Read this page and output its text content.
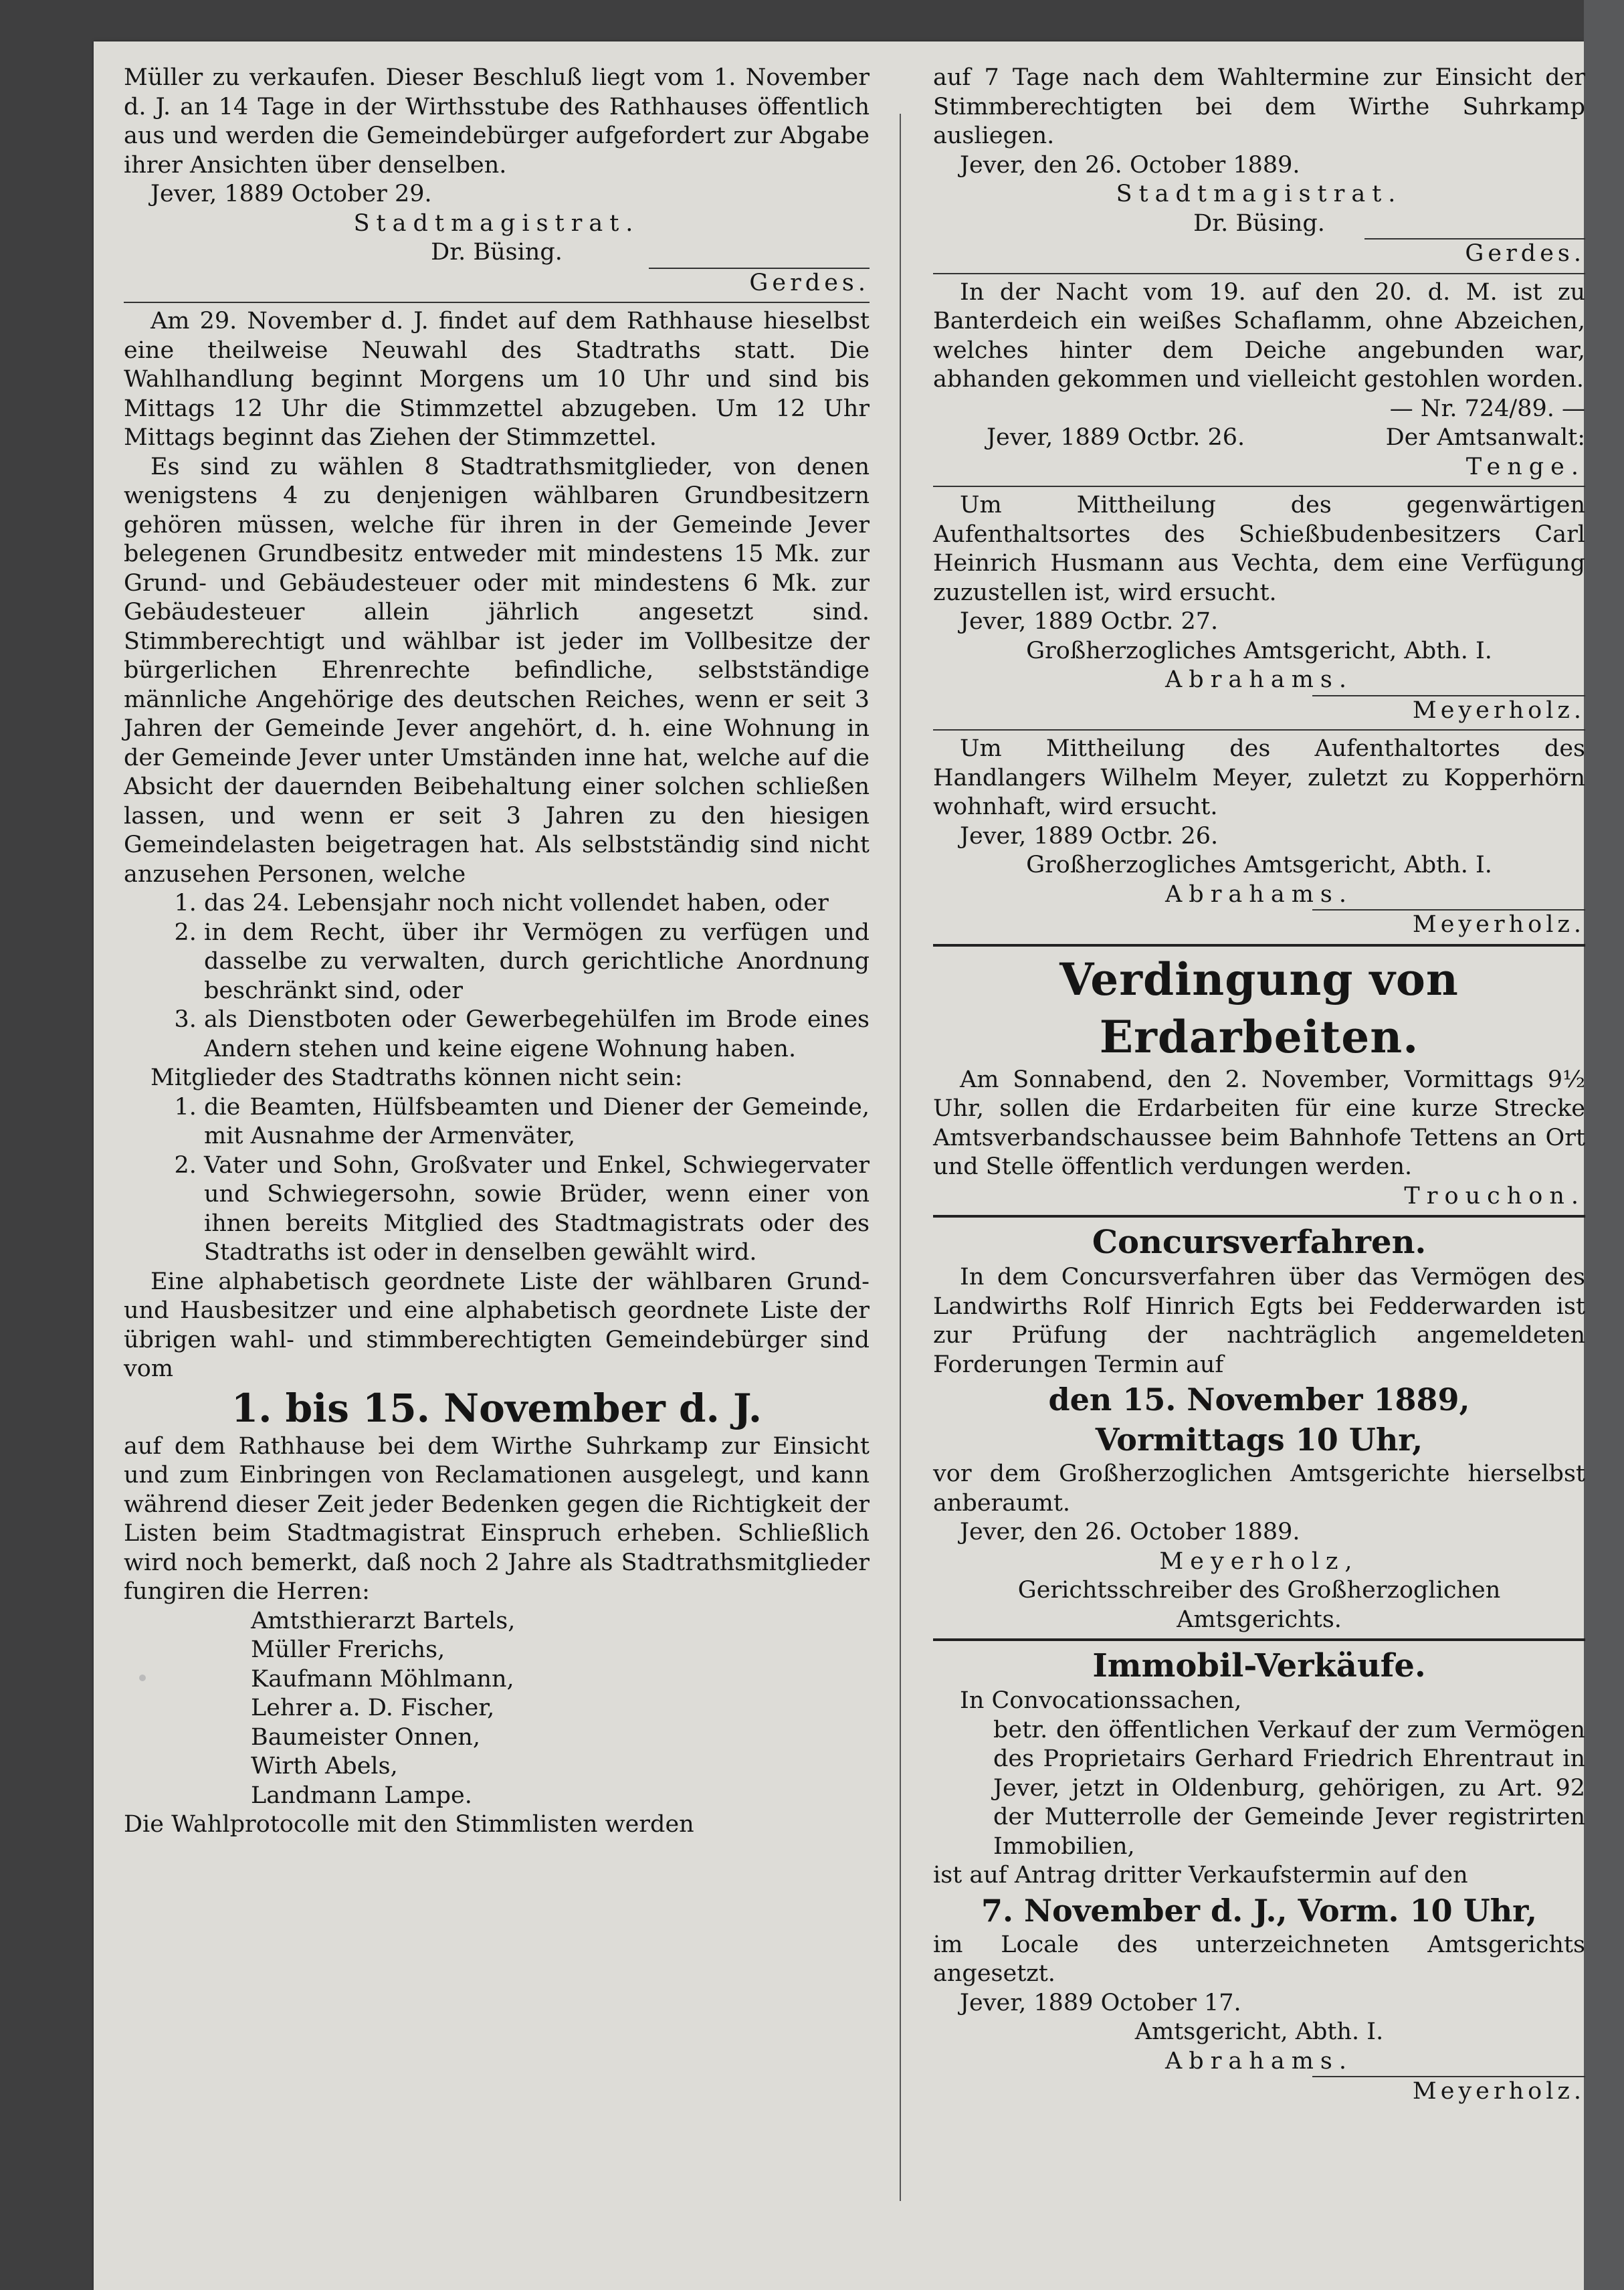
Müller zu verkaufen. Dieser Beschluß liegt vom 1. November d. J. an 14 Tage in der Wirthsstube des Rathhauses öffentlich aus und werden die Gemeindebürger aufgefordert zur Abgabe ihrer Ansichten über denselben.

Jever, 1889 October 29.

Stadtmagistrat.

Dr. Büsing.

Gerdes.

Am 29. November d. J. findet auf dem Rathhause hieselbst eine theilweise Neuwahl des Stadtraths statt. Die Wahlhandlung beginnt Morgens um 10 Uhr und sind bis Mittags 12 Uhr die Stimmzettel abzugeben. Um 12 Uhr Mittags beginnt das Ziehen der Stimmzettel.

Es sind zu wählen 8 Stadtrathsmitglieder, von denen wenigstens 4 zu denjenigen wählbaren Grundbesitzern gehören müssen, welche für ihren in der Gemeinde Jever belegenen Grundbesitz entweder mit mindestens 15 Mk. zur Grund- und Gebäudesteuer oder mit mindestens 6 Mk. zur Gebäudesteuer allein jährlich angesetzt sind. Stimmberechtigt und wählbar ist jeder im Vollbesitze der bürgerlichen Ehrenrechte befindliche, selbstständige männliche Angehörige des deutschen Reiches, wenn er seit 3 Jahren der Gemeinde Jever angehört, d. h. eine Wohnung in der Gemeinde Jever unter Umständen inne hat, welche auf die Absicht der dauernden Beibehaltung einer solchen schließen lassen, und wenn er seit 3 Jahren zu den hiesigen Gemeindelasten beigetragen hat. Als selbstständig sind nicht anzusehen Personen, welche

1. das 24. Lebensjahr noch nicht vollendet haben, oder
2. in dem Recht, über ihr Vermögen zu verfügen und dasselbe zu verwalten, durch gerichtliche Anordnung beschränkt sind, oder
3. als Dienstboten oder Gewerbegehülfen im Brode eines Andern stehen und keine eigene Wohnung haben.

Mitglieder des Stadtraths können nicht sein:

1. die Beamten, Hülfsbeamten und Diener der Gemeinde, mit Ausnahme der Armenväter,
2. Vater und Sohn, Großvater und Enkel, Schwiegervater und Schwiegersohn, sowie Brüder, wenn einer von ihnen bereits Mitglied des Stadtmagistrats oder des Stadtraths ist oder in denselben gewählt wird.

Eine alphabetisch geordnete Liste der wählbaren Grund- und Hausbesitzer und eine alphabetisch geordnete Liste der übrigen wahl- und stimmberechtigten Gemeindebürger sind vom

1. bis 15. November d. J.

auf dem Rathhause bei dem Wirthe Suhrkamp zur Einsicht und zum Einbringen von Reclamationen ausgelegt, und kann während dieser Zeit jeder Bedenken gegen die Richtigkeit der Listen beim Stadtmagistrat Einspruch erheben. Schließlich wird noch bemerkt, daß noch 2 Jahre als Stadtrathsmitglieder fungiren die Herren:

Amtsthierarzt Bartels,
Müller Frerichs,
Kaufmann Möhlmann,
Lehrer a. D. Fischer,
Baumeister Onnen,
Wirth Abels,
Landmann Lampe.

Die Wahlprotocolle mit den Stimmlisten werden

auf 7 Tage nach dem Wahltermine zur Einsicht der Stimmberechtigten bei dem Wirthe Suhrkamp ausliegen.

Jever, den 26. October 1889.

Stadtmagistrat.

Dr. Büsing.

Gerdes.

In der Nacht vom 19. auf den 20. d. M. ist zu Banterdeich ein weißes Schaflamm, ohne Abzeichen, welches hinter dem Deiche angebunden war, abhanden gekommen und vielleicht gestohlen worden.

— Nr. 724/89. —

Jever, 1889 Octbr. 26.	Der Amtsanwalt:

Tenge.

Um Mittheilung des gegenwärtigen Aufenthaltsortes des Schießbudenbesitzers Carl Heinrich Husmann aus Vechta, dem eine Verfügung zuzustellen ist, wird ersucht.

Jever, 1889 Octbr. 27.

Großherzogliches Amtsgericht, Abth. I.

Abrahams.

Meyerholz.

Um Mittheilung des Aufenthaltortes des Handlangers Wilhelm Meyer, zuletzt zu Kopperhörn wohnhaft, wird ersucht.

Jever, 1889 Octbr. 26.

Großherzogliches Amtsgericht, Abth. I.

Abrahams.

Meyerholz.

Verdingung von Erdarbeiten.

Am Sonnabend, den 2. November, Vormittags 9½ Uhr, sollen die Erdarbeiten für eine kurze Strecke Amtsverbandschaussee beim Bahnhofe Tettens an Ort und Stelle öffentlich verdungen werden.

Trouchon.

Concursverfahren.

In dem Concursverfahren über das Vermögen des Landwirths Rolf Hinrich Egts bei Fedderwarden ist zur Prüfung der nachträglich angemeldeten Forderungen Termin auf

den 15. November 1889,

Vormittags 10 Uhr,

vor dem Großherzoglichen Amtsgerichte hierselbst anberaumt.

Jever, den 26. October 1889.

Meyerholz,

Gerichtsschreiber des Großherzoglichen Amtsgerichts.

Immobil-Verkäufe.

In Convocationssachen,

betr. den öffentlichen Verkauf der zum Vermögen des Proprietairs Gerhard Friedrich Ehrentraut in Jever, jetzt in Oldenburg, gehörigen, zu Art. 92 der Mutterrolle der Gemeinde Jever registrirten Immobilien,

ist auf Antrag dritter Verkaufstermin auf den

7. November d. J., Vorm. 10 Uhr,

im Locale des unterzeichneten Amtsgerichts angesetzt.

Jever, 1889 October 17.

Amtsgericht, Abth. I.

Abrahams.

Meyerholz.
